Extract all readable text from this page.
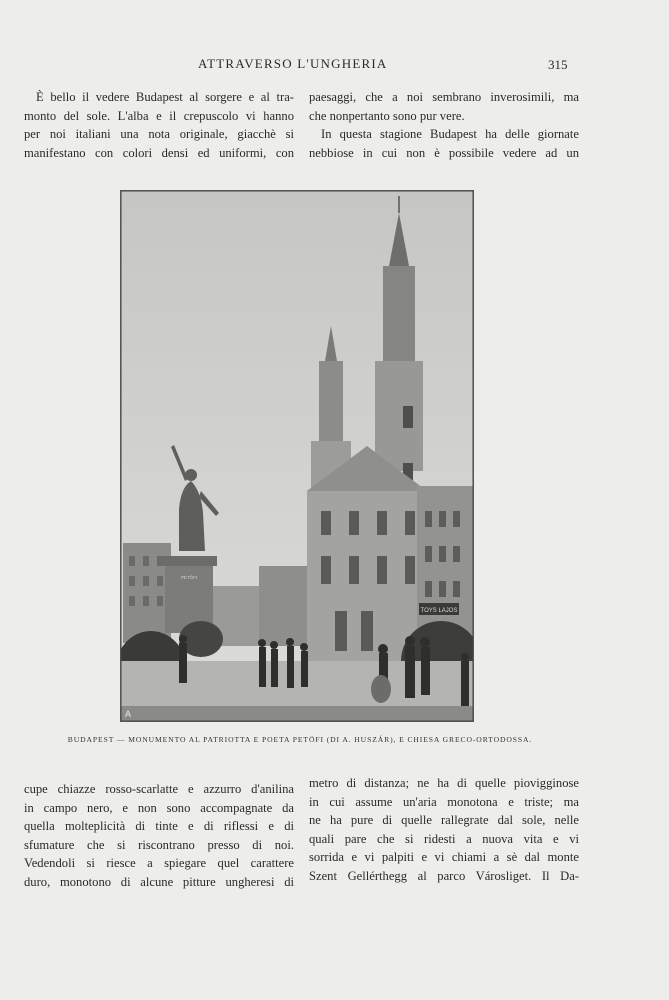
ATTRAVERSO L'UNGHERIA	315
È bello il vedere Budapest al sorgere e al tra-
monto del sole. L'alba e il crepuscolo vi hanno
per noi italiani una nota originale, giacchè si
manifestano con colori densi ed uniformi, con
paesaggi, che a noi sembrano inverosimili, ma
che nonpertanto sono pur vere.
In questa stagione Budapest ha delle giornate
nebbiose in cui non è possibile vedere ad un
TOYS LAJOS
PETŐFI
A
BUDAPEST — MONUMENTO AL PATRIOTTA E POETA PETÖFI (DI A. HUSZÁR), E CHIESA GRECO-ORTODOSSA.
cupe chiazze rosso-scarlatte e azzurro d'anilina
in campo nero, e non sono accompagnate da
quella molteplicità di tinte e di riflessi e di
sfumature che si riscontrano presso di noi.
Vedendoli si riesce a spiegare quel carattere
duro, monotono di alcune pitture ungheresi di
metro di distanza; ne ha di quelle piovigginose
in cui assume un'aria monotona e triste; ma
ne ha pure di quelle rallegrate dal sole, nelle
quali pare che si ridesti a nuova vita e vi
sorrida e vi palpiti e vi chiami a sè dal monte
Szent Gellérthegg al parco Városliget. Il Da-
